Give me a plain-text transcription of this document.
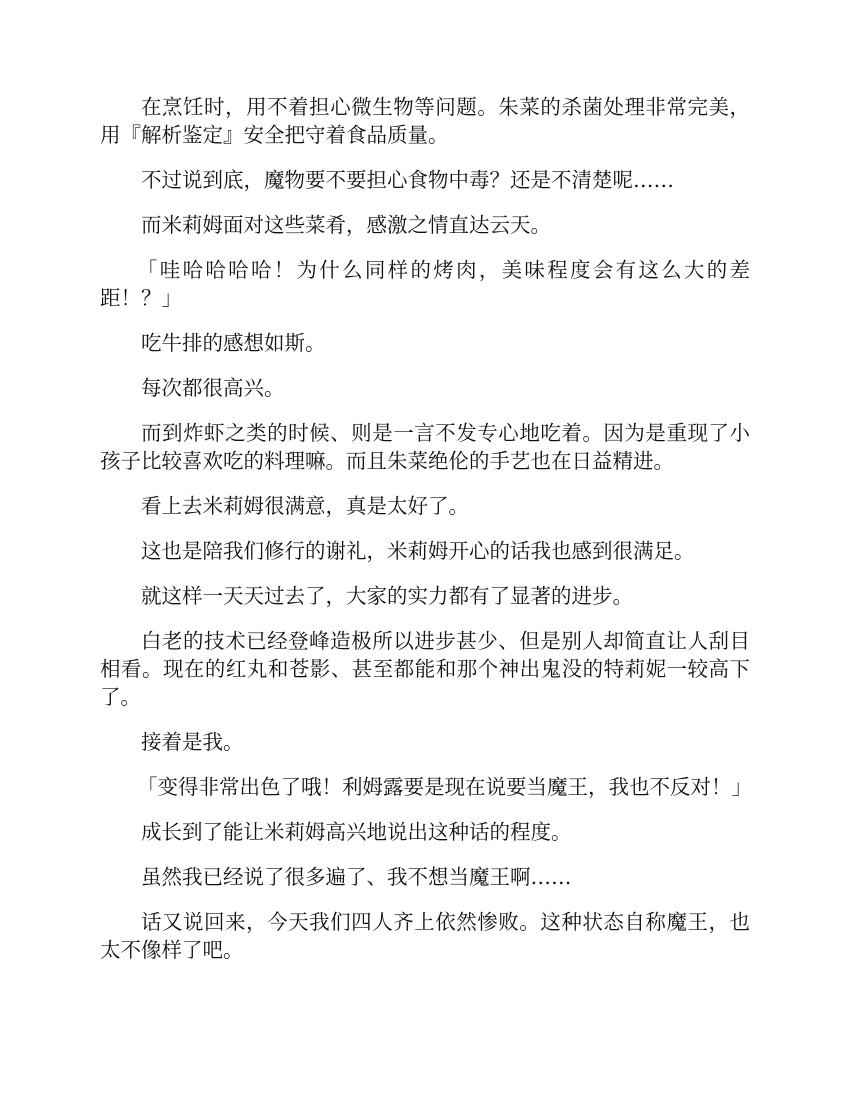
在烹饪时，用不着担心微生物等问题。朱菜的杀菌处理非常完美，用『解析鉴定』安全把守着食品质量。

不过说到底，魔物要不要担心食物中毒？还是不清楚呢……

而米莉姆面对这些菜肴，感激之情直达云天。

「哇哈哈哈哈！为什么同样的烤肉，美味程度会有这么大的差距！？」

吃牛排的感想如斯。

每次都很高兴。

而到炸虾之类的时候、则是一言不发专心地吃着。因为是重现了小孩子比较喜欢吃的料理嘛。而且朱菜绝伦的手艺也在日益精进。

看上去米莉姆很满意，真是太好了。

这也是陪我们修行的谢礼，米莉姆开心的话我也感到很满足。

就这样一天天过去了，大家的实力都有了显著的进步。

白老的技术已经登峰造极所以进步甚少、但是别人却简直让人刮目相看。现在的红丸和苍影、甚至都能和那个神出鬼没的特莉妮一较高下了。

接着是我。

「变得非常出色了哦！利姆露要是现在说要当魔王，我也不反对！」

成长到了能让米莉姆高兴地说出这种话的程度。

虽然我已经说了很多遍了、我不想当魔王啊……

话又说回来，今天我们四人齐上依然惨败。这种状态自称魔王，也太不像样了吧。
